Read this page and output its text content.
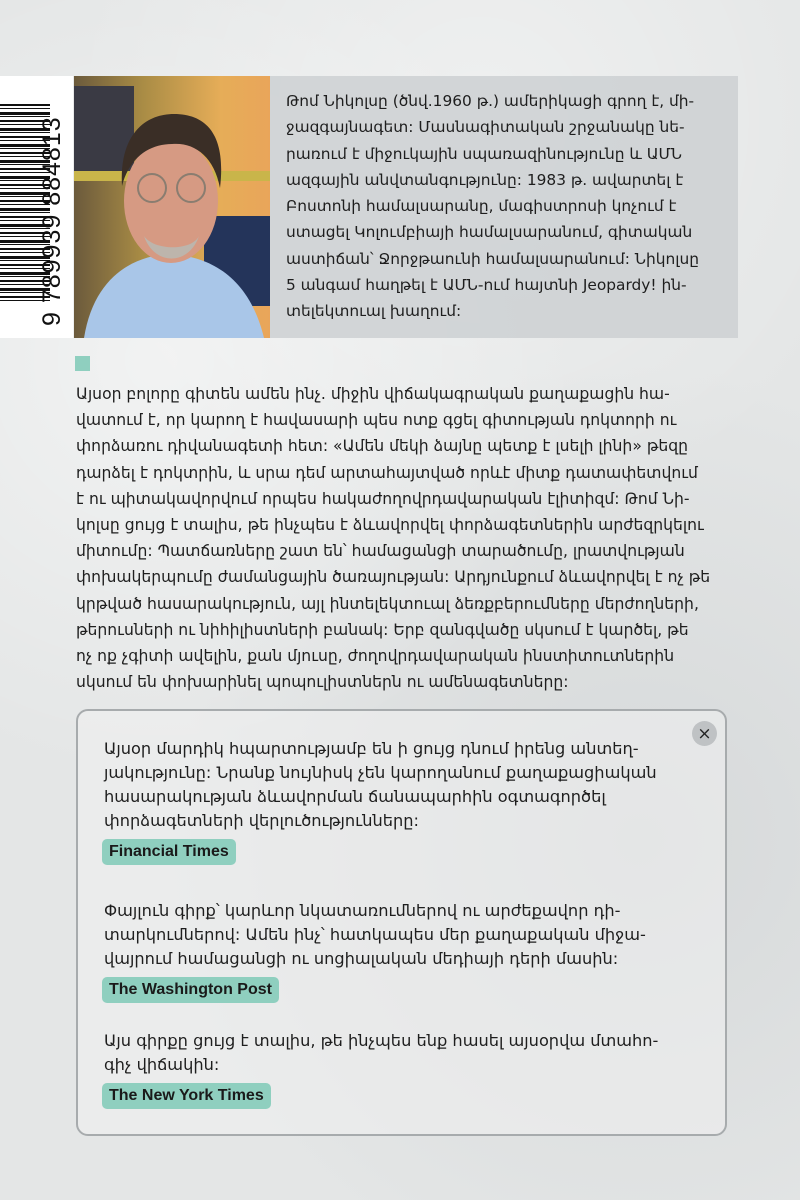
9 789939 884813
Թոմ Նիկոլսը (ծնվ.1960 թ.) ամերիկացի գրող է, մի-
ջազգայնագետ: Մասնագիտական շրջանակը նե-
րառում է միջուկային սպառազինությունը և ԱՄՆ
ազգային անվտանգությունը: 1983 թ. ավարտել է
Բոստոնի համալսարանը, մագիստրոսի կոչում է
ստացել Կոլումբիայի համալսարանում, գիտական
աստիճան՝ Ջորջթաունի համալսարանում: Նիկոլսը
5 անգամ հաղթել է ԱՄՆ-ում հայտնի Jeopardy! ին-
տելեկտուալ խաղում:
Այսօր բոլորը գիտեն ամեն ինչ. միջին վիճակագրական քաղաքացին հա-
վատում է, որ կարող է հավասարի պես ոտք գցել գիտության դոկտորի ու
փորձառու դիվանագետի հետ: «Ամեն մեկի ձայնը պետք է լսելի լինի» թեզը
դարձել է դոկտրին, և սրա դեմ արտահայտված որևէ միտք դատափետվում
է ու պիտակավորվում որպես հակաժողովրդավարական էլիտիզմ: Թոմ Նի-
կոլսը ցույց է տալիս, թե ինչպես է ձևավորվել փորձագետներին արժեզրկելու
միտումը: Պատճառները շատ են՝ համացանցի տարածումը, լրատվության
փոխակերպումը ժամանցային ծառայության: Արդյունքում ձևավորվել է ոչ թե
կրթված հասարակություն, այլ ինտելեկտուալ ձեռքբերումները մերժողների,
թերուսների ու նիհիլիստների բանակ: Երբ զանգվածը սկսում է կարծել, թե
ոչ ոք չգիտի ավելին, քան մյուսը, ժողովրդավարական ինստիտուտներին
սկսում են փոխարինել պոպուլիստներն ու ամենագետները:
×
Այսօր մարդիկ հպարտությամբ են ի ցույց դնում իրենց անտեղ-
յակությունը: Նրանք նույնիսկ չեն կարողանում քաղաքացիական
հասարակության ձևավորման ճանապարհին օգտագործել
փորձագետների վերլուծությունները:
Financial Times
Փայլուն գիրք՝ կարևոր նկատառումներով ու արժեքավոր դի-
տարկումներով: Ամեն ինչ՝ հատկապես մեր քաղաքական միջա-
վայրում համացանցի ու սոցիալական մեդիայի դերի մասին:
The Washington Post
Այս գիրքը ցույց է տալիս, թե ինչպես ենք հասել այսօրվա մտահո-
գիչ վիճակին:
The New York Times
